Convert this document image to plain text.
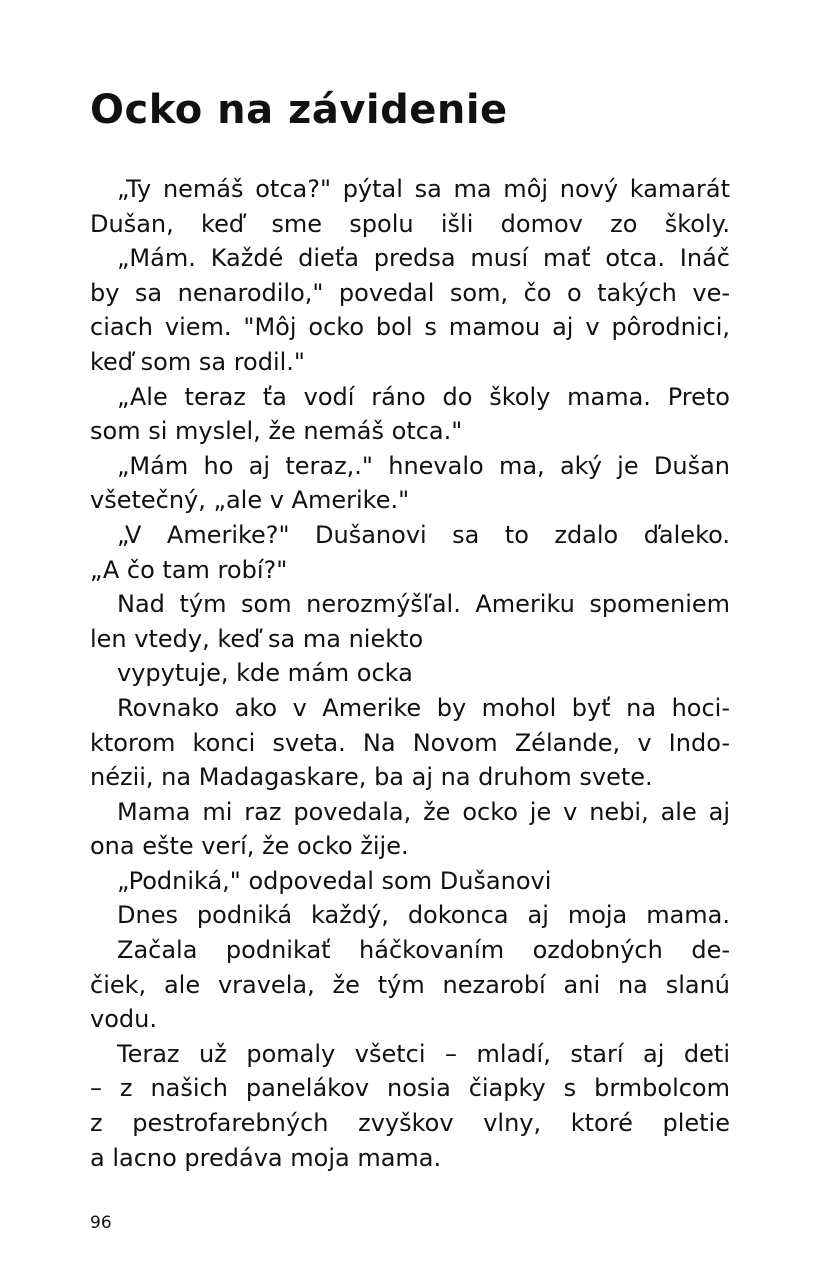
Ocko na závidenie
„Ty nemáš otca?" pýtal sa ma môj nový kamarát
Dušan, keď sme spolu išli domov zo školy.
„Mám. Každé dieťa predsa musí mať otca. Ináč
by sa nenarodilo," povedal som, čo o takých ve-
ciach viem. "Môj ocko bol s mamou aj v pôrodnici,
keď som sa rodil."
„Ale teraz ťa vodí ráno do školy mama. Preto
som si myslel, že nemáš otca."
„Mám ho aj teraz,." hnevalo ma, aký je Dušan
všetečný, „ale v Amerike."
„V Amerike?" Dušanovi sa to zdalo ďaleko.
„A čo tam robí?"
Nad tým som nerozmýšľal. Ameriku spomeniem
len vtedy, keď sa ma niekto
vypytuje, kde mám ocka
Rovnako ako v Amerike by mohol byť na hoci-
ktorom konci sveta. Na Novom Zélande, v Indo-
nézii, na Madagaskare, ba aj na druhom svete.
Mama mi raz povedala, že ocko je v nebi, ale aj
ona ešte verí, že ocko žije.
„Podniká," odpovedal som Dušanovi
Dnes podniká každý, dokonca aj moja mama.
Začala podnikať háčkovaním ozdobných de-
čiek, ale vravela, že tým nezarobí ani na slanú
vodu.
Teraz už pomaly všetci – mladí, starí aj deti
– z našich panelákov nosia čiapky s brmbolcom
z pestrofarebných zvyškov vlny, ktoré pletie
a lacno predáva moja mama.
96
